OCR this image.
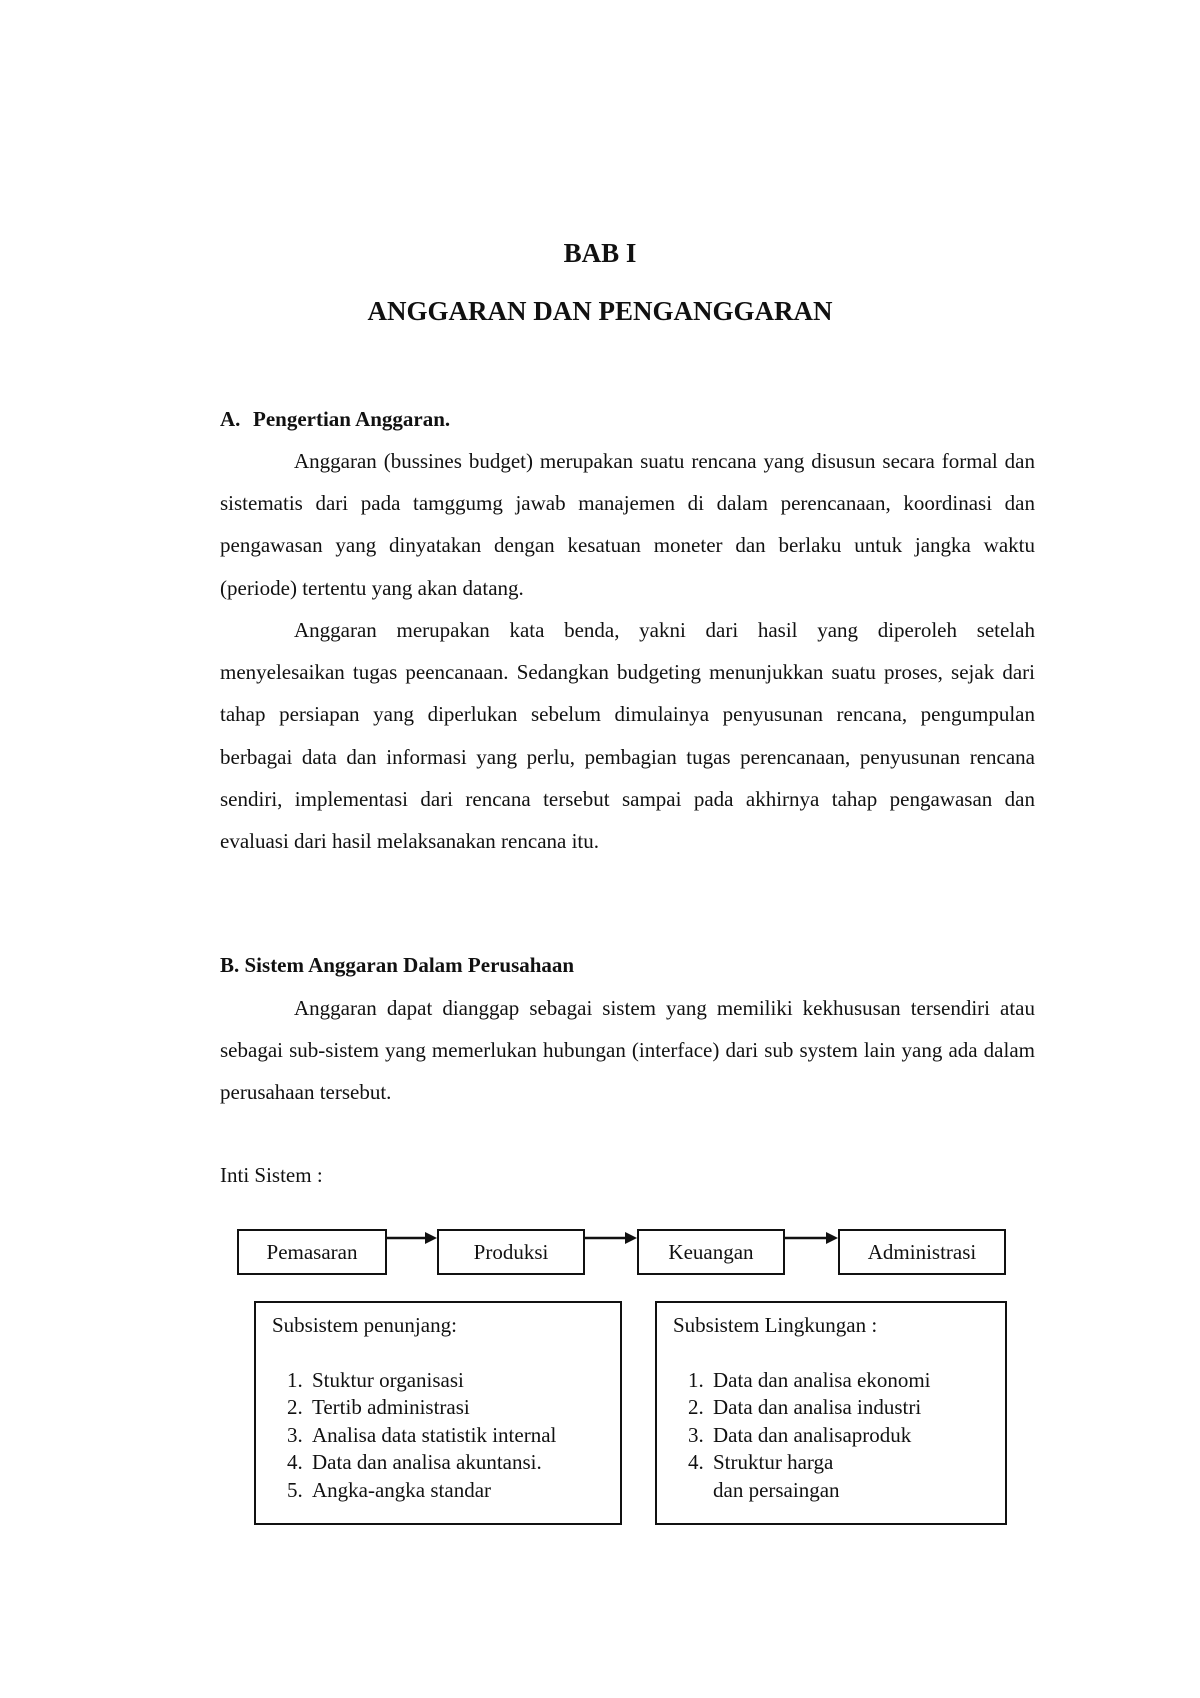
BAB I
ANGGARAN DAN PENGANGGARAN
A. Pengertian Anggaran.

Anggaran (bussines budget) merupakan suatu rencana yang disusun secara formal dan sistematis dari pada tamggumg jawab manajemen di dalam perencanaan, koordinasi dan pengawasan yang dinyatakan dengan kesatuan moneter dan berlaku untuk jangka waktu (periode) tertentu yang akan datang.

Anggaran merupakan kata benda, yakni dari hasil yang diperoleh setelah menyelesaikan tugas peencanaan. Sedangkan budgeting menunjukkan suatu proses, sejak dari tahap persiapan yang diperlukan sebelum dimulainya penyusunan rencana, pengumpulan berbagai data dan informasi yang perlu, pembagian tugas perencanaan, penyusunan rencana sendiri, implementasi dari rencana tersebut sampai pada akhirnya tahap pengawasan dan evaluasi dari hasil melaksanakan rencana itu.

B. Sistem Anggaran Dalam Perusahaan

Anggaran dapat dianggap sebagai sistem yang memiliki kekhususan tersendiri atau sebagai sub-sistem yang memerlukan hubungan (interface) dari sub system lain yang ada dalam perusahaan tersebut.

Inti Sistem :

Pemasaran	Produksi	Keuangan	Administrasi

Subsistem penunjang:

1. Stuktur organisasi
2. Tertib administrasi
3. Analisa data statistik internal
4. Data dan analisa akuntansi.
5. Angka-angka standar

Subsistem Lingkungan :

1. Data dan analisa ekonomi
2. Data dan analisa industri
3. Data dan analisaproduk
4. Struktur harga dan persaingan
